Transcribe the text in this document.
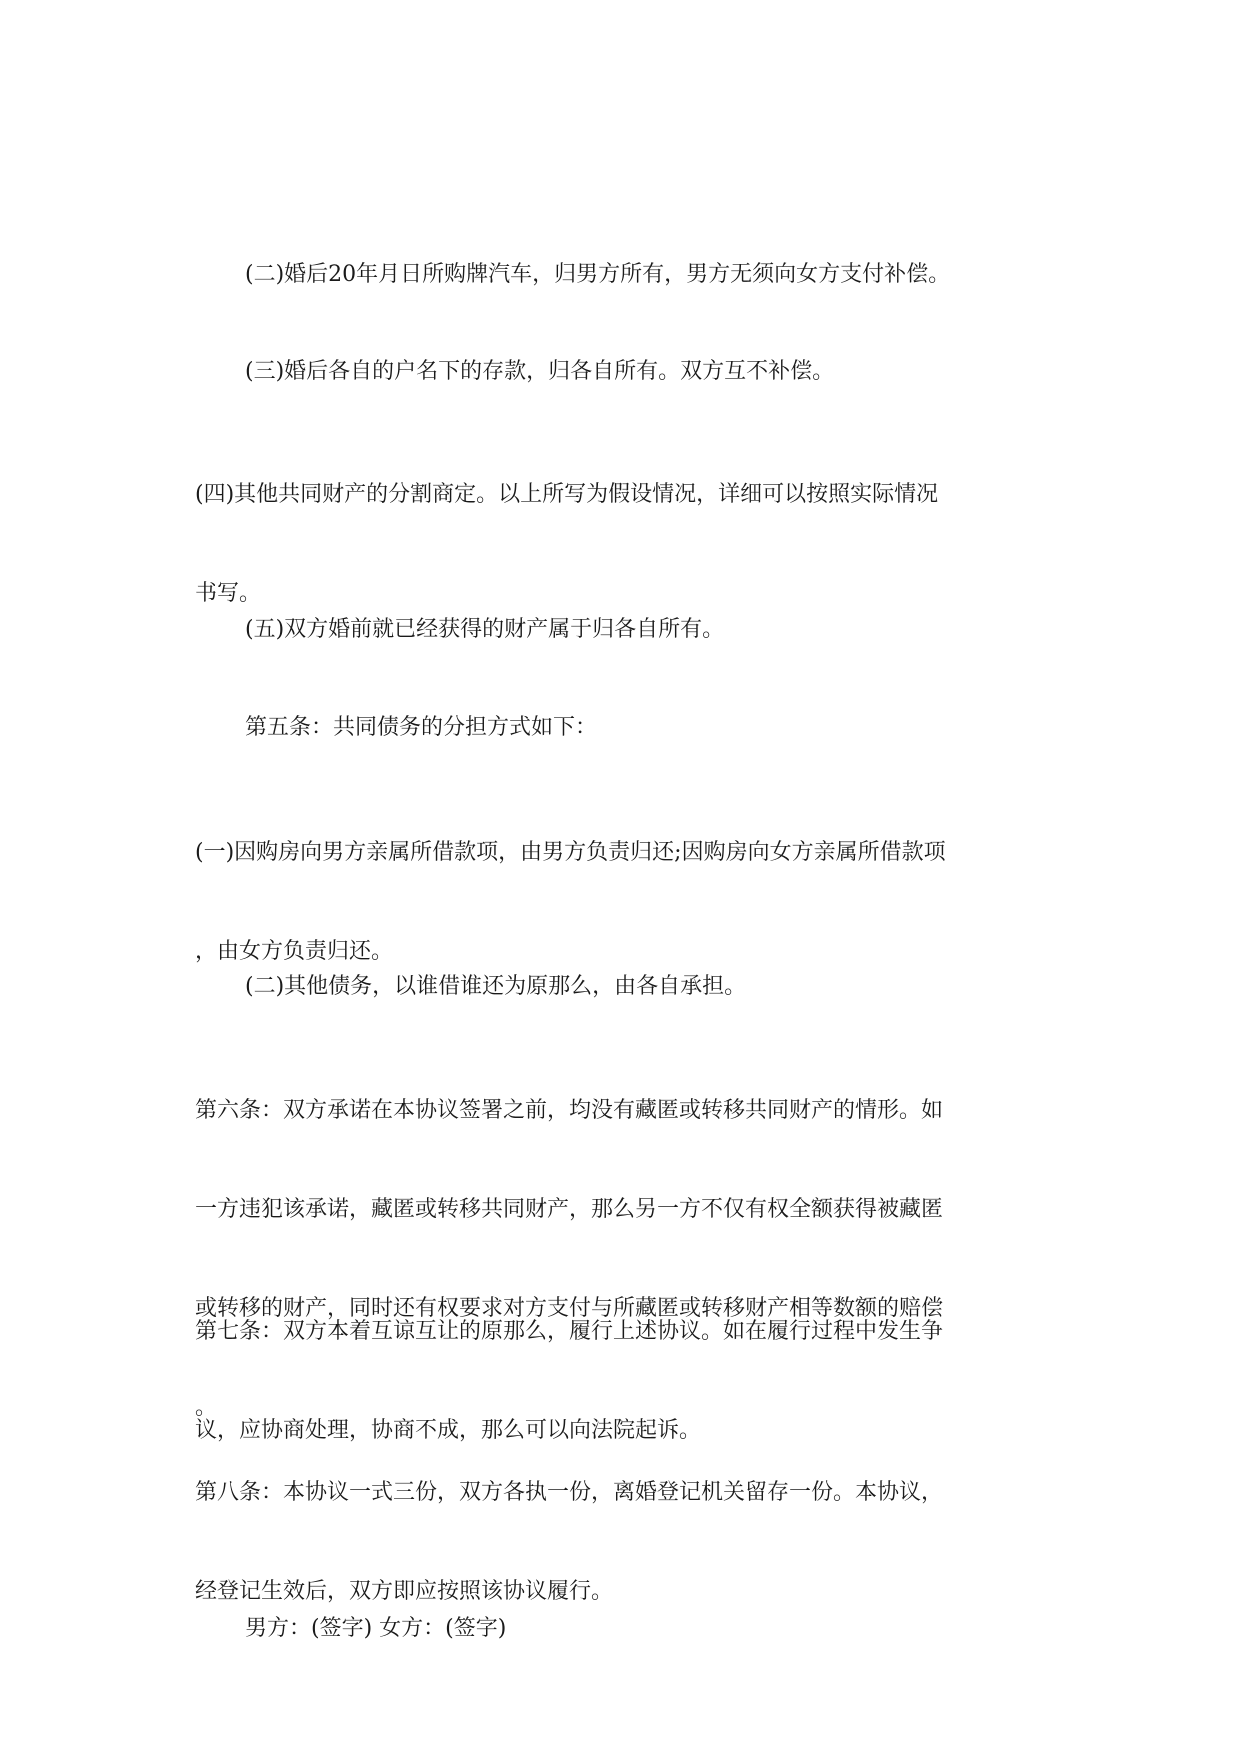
(二)婚后20年月日所购牌汽车，归男方所有，男方无须向女方支付补偿。

(三)婚后各自的户名下的存款，归各自所有。双方互不补偿。

(四)其他共同财产的分割商定。以上所写为假设情况，详细可以按照实际情况

书写。

(五)双方婚前就已经获得的财产属于归各自所有。

第五条：共同债务的分担方式如下：

(一)因购房向男方亲属所借款项，由男方负责归还;因购房向女方亲属所借款项

，由女方负责归还。

(二)其他债务，以谁借谁还为原那么，由各自承担。

第六条：双方承诺在本协议签署之前，均没有藏匿或转移共同财产的情形。如

一方违犯该承诺，藏匿或转移共同财产，那么另一方不仅有权全额获得被藏匿

或转移的财产，同时还有权要求对方支付与所藏匿或转移财产相等数额的赔偿

。

第七条：双方本着互谅互让的原那么，履行上述协议。如在履行过程中发生争

议，应协商处理，协商不成，那么可以向法院起诉。

第八条：本协议一式三份，双方各执一份，离婚登记机关留存一份。本协议，

经登记生效后，双方即应按照该协议履行。

男方：(签字) 女方：(签字)
